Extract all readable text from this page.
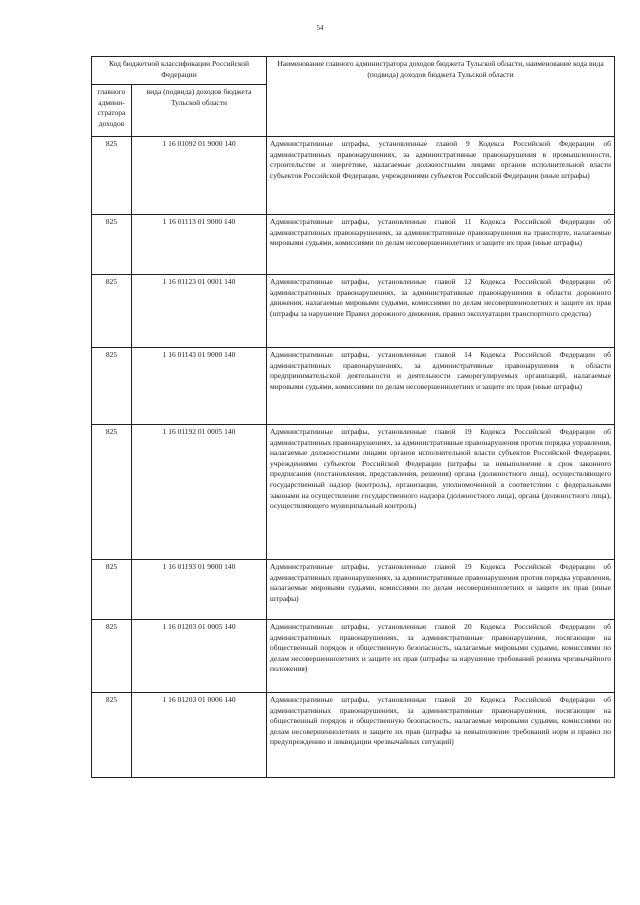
54
Код бюджетной классификации Российской Федерации		Наименование главного администратора доходов бюджета Тульской области, наименование кода вида (подвида) доходов бюджета Тульской области
главного админи-стратора доходов	вида (подвида) доходов бюджета Тульской области	
825	1 16 01092 01 9000 140	Административные штрафы, установленные главой 9 Кодекса Российской Федерации об административных правонарушениях, за административные правонарушения в промышленности, строительстве и энергетике, налагаемые должностными лицами органов исполнительной власти субъектов Российской Федерации, учреждениями субъектов Российской Федерации (иные штрафы)
825	1 16 01113 01 9000 140	Административные штрафы, установленные главой 11 Кодекса Российской Федерации об административных правонарушениях, за административные правонарушения на транспорте, налагаемые мировыми судьями, комиссиями по делам несовершеннолетних и защите их прав (иные штрафы)
825	1 16 01123 01 0001 140	Административные штрафы, установленные главой 12 Кодекса Российской Федерации об административных правонарушениях, за административные правонарушения в области дорожного движения, налагаемые мировыми судьями, комиссиями по делам несовершеннолетних и защите их прав (штрафы за нарушение Правил дорожного движения, правил эксплуатации транспортного средства)
825	1 16 01143 01 9000 140	Административные штрафы, установленные главой 14 Кодекса Российской Федерации об административных правонарушениях, за административные правонарушения в области предпринимательской деятельности и деятельности саморегулируемых организаций, налагаемые мировыми судьями, комиссиями по делам несовершеннолетних и защите их прав (иные штрафы)
825	1 16 01192 01 0005 140	Административные штрафы, установленные главой 19 Кодекса Российской Федерации об административных правонарушениях, за административные правонарушения против порядка управления, налагаемые должностными лицами органов исполнительной власти субъектов Российской Федерации, учреждениями субъектов Российской Федерации (штрафы за невыполнение в срок законного предписания (постановления, представления, решения) органа (должностного лица), осуществляющего государственный надзор (контроль), организации, уполномоченной в соответствии с федеральными законами на осуществление государственного надзора (должностного лица), органа (должностного лица), осуществляющего муниципальный контроль)
825	1 16 01193 01 9000 140	Административные штрафы, установленные главой 19 Кодекса Российской Федерации об административных правонарушениях, за административные правонарушения против порядка управления, налагаемые мировыми судьями, комиссиями по делам несовершеннолетних и защите их прав (иные штрафы)
825	1 16 01203 01 0005 140	Административные штрафы, установленные главой 20 Кодекса Российской Федерации об административных правонарушениях, за административные правонарушения, посягающие на общественный порядок и общественную безопасность, налагаемые мировыми судьями, комиссиями по делам несовершеннолетних и защите их прав (штрафы за нарушение требований режима чрезвычайного положения)
825	1 16 01203 01 0006 140	Административные штрафы, установленные главой 20 Кодекса Российской Федерации об административных правонарушениях, за административные правонарушения, посягающие на общественный порядок и общественную безопасность, налагаемые мировыми судьями, комиссиями по делам несовершеннолетних и защите их прав (штрафы за невыполнение требований норм и правил по предупреждению и ликвидации чрезвычайных ситуаций)
